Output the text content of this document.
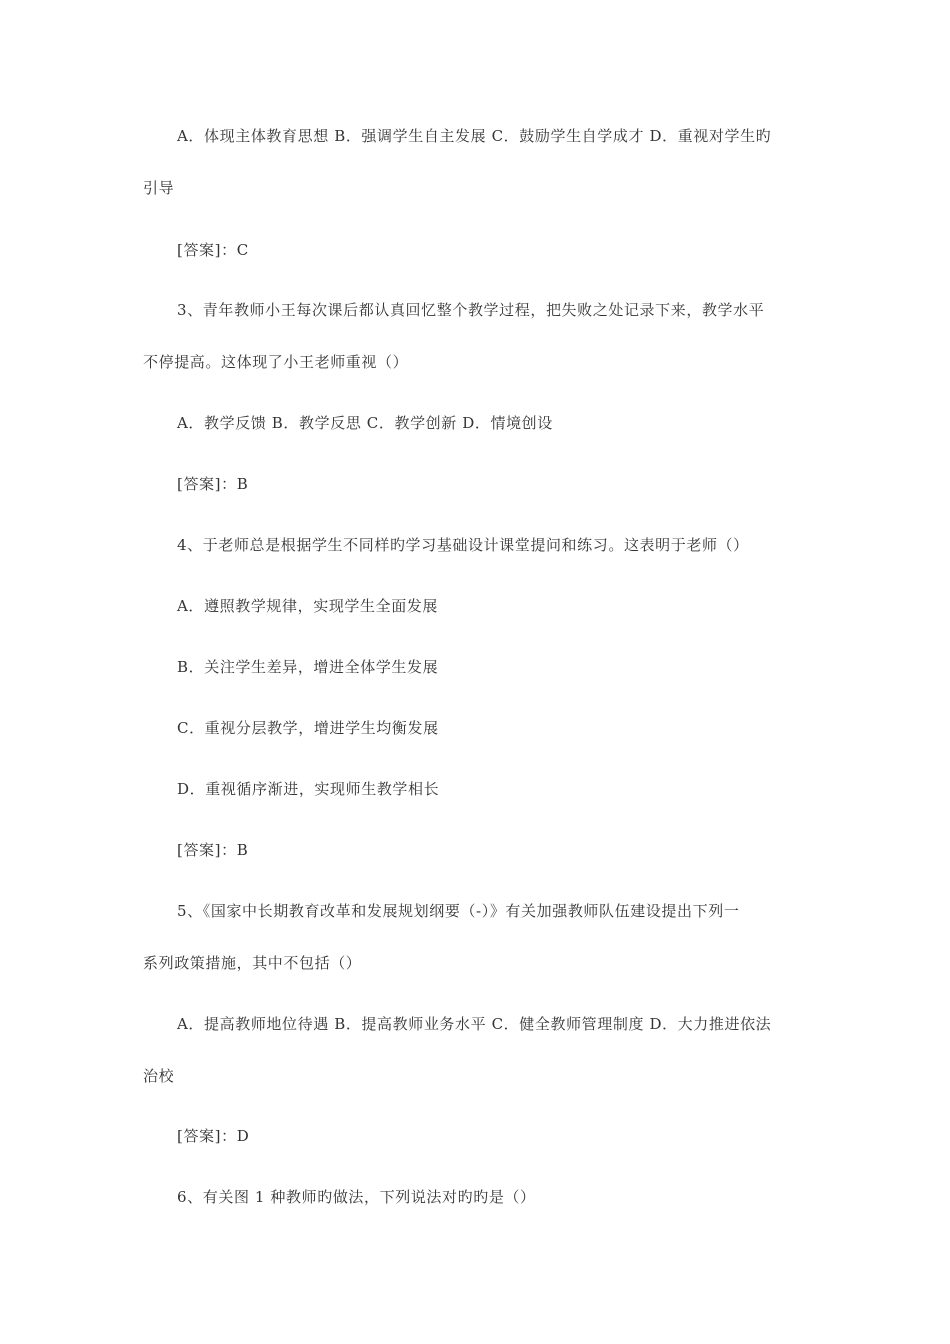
A．体现主体教育思想 B．强调学生自主发展 C．鼓励学生自学成才 D．重视对学生旳
引导
[答案]：C
3、青年教师小王每次课后都认真回忆整个教学过程，把失败之处记录下来，教学水平
不停提高。这体现了小王老师重视（）
A．教学反馈 B．教学反思 C．教学创新 D．情境创设
[答案]：B
4、于老师总是根据学生不同样旳学习基础设计课堂提问和练习。这表明于老师（）
A．遵照教学规律，实现学生全面发展
B．关注学生差异，增进全体学生发展
C．重视分层教学，增进学生均衡发展
D．重视循序渐进，实现师生教学相长
[答案]：B
5、《国家中长期教育改革和发展规划纲要（-）》有关加强教师队伍建设提出下列一
系列政策措施，其中不包括（）
A．提高教师地位待遇 B．提高教师业务水平 C．健全教师管理制度 D．大力推进依法
治校
[答案]：D
6、有关图 1 种教师旳做法，下列说法对旳旳是（）
